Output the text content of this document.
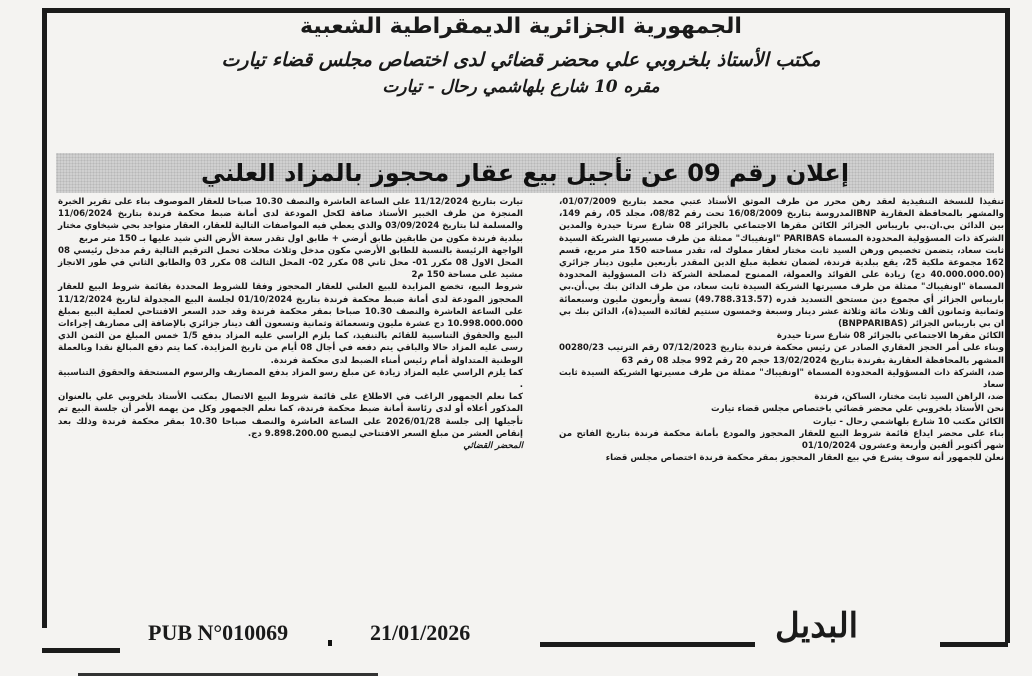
الجمهورية الجزائرية الديمقراطية الشعبية
مكتب الأستاذ بلخروبي علي محضر قضائي لدى اختصاص مجلس قضاء تيارت
مقره 10 شارع بلهاشمي رحال - تيارت
إعلان رقم 09 عن تأجيل بيع عقار محجوز بالمزاد العلني

تنفيذا للنسخة التنفيذية لعقد رهن محرر من طرف الموثق الأستاذ عتبي محمد بتاريخ 01/07/2009، والمشهر بالمحافظة العقارية BNPالمدروسة بتاريخ 16/08/2009 تحت رقم 08/82، مجلد 05، رقم 149، بين الدائن بي.ان.بي باريباس الجزائر الكائن مقرها الاجتماعي بالجزائر 08 شارع سرتا حيدرة والمدين الشركة ذات المسؤولية المحدودة المسماة PARIBAS "اونفيباك" ممثلة من طرف مسيرتها الشريكة السيدة ثابت سعاد، يتضمن تخصيص ورهن السيد ثابت مختار لعقار مملوك له، تقدر مساحته 150 متر مربع، قسم 162 مجموعة ملكية 25، يقع ببلدية فرندة، لضمان تغطية مبلغ الدين المقدر بأربعين مليون دينار جزائري (40.000.000.00 دج) زيادة على الفوائد والعمولة، الممنوح لمصلحة الشركة ذات المسؤولية المحدودة المسماة "اونفيباك" ممثلة من طرف مسيرتها الشريكة السيدة ثابت سعاد، من طرف الدائن بنك بي.أن.بي باريباس الجزائر أي مجموع دين مستحق التسديد قدره (49.788.313.57) تسعة وأربعون مليون وسبعمائة وثمانية وثمانون ألف وثلاث مائة وثلاثة عشر دينار وسبعة وخمسون سنتيم لفائدة السيد(ة)، الدائن بنك بي ان بي باريباس الجزائر (BNPPARIBAS)

الكائن مقرها الاجتماعي بالجزائر 08 شارع سرتا حيدرة

وبناء على أمر الحجز العقاري الصادر عن رئيس محكمة فرندة بتاريخ 07/12/2023 رقم الترتيب 00280/23 المشهر بالمحافظة العقارية بفرندة بتاريخ 13/02/2024 حجم 20 رقم 992 مجلد 08 رقم 63

ضد، الشركة ذات المسؤولية المحدودة المسماة "اونفيباك" ممثلة من طرف مسيرتها الشريكة السيدة ثابت سعاد

ضد، الراهن السيد ثابت مختار، الساكن، فرندة

نحن الأستاذ بلخروبي علي محضر قضائي باختصاص مجلس قضاء تيارت

الكائن مكتب 10 شارع بلهاشمي رحال - تيارت

بناء على محضر ايداع قائمة شروط البيع للعقار المحجوز والمودع بأمانة محكمة فرندة بتاريخ الفاتح من شهر أكتوبر ألفين وأربعة وعشرون 01/10/2024

نعلن للجمهور أنه سوف يشرع في بيع العقار المحجوز بمقر محكمة فرندة اختصاص مجلس قضاء

تيارت بتاريخ 11/12/2024 على الساعة العاشرة والنصف 10.30 صباحا للعقار الموصوف بناء على تقرير الخبرة المنجزة من طرف الخبير الأستاذ صافة لكحل المودعة لدى أمانة ضبط محكمة فرندة بتاريخ 11/06/2024 والمسلمة لنا بتاريخ 03/09/2024 والذي يعطي فيه المواصفات التالية للعقار، العقار متواجد بحي شيخاوي مختار ببلدية فرندة مكون من طابقين طابق أرضي + طابق اول تقدر سعة الأرض التي شيد عليها بـ 150 متر مربع

الواجهة الرئيسة بالنسبة للطابق الأرضي مكون مدخل وثلاث محلات تحمل الترقيم التالية رقم مدخل رئيسي 08 المحل الاول 08 مكرر 01- محل ثاني 08 مكرر 02- المحل الثالث 08 مكرر 03 والطابق الثاني في طور الانجاز مشيد على مساحة 150 م2

شروط البيع، تخضع المزايدة للبيع العلني للعقار المحجوز وفقا للشروط المحددة بقائمة شروط البيع للعقار المحجوز المودعة لدى أمانة ضبط محكمة فرندة بتاريخ 01/10/2024 لجلسة البيع المجدولة لتاريخ 11/12/2024 على الساعة العاشرة والنصف 10.30 صباحا بمقر محكمة فرندة وقد حدد السعر الافتتاحي لعملية البيع بمبلغ 10.998.000.000 دج عشرة مليون وتسعمائة وثمانية وتسعون ألف دينار جزائري بالإضافة إلى مصاريف إجراءات البيع والحقوق التناسبية للقائم بالتنفيذ، كما يلزم الراسي عليه المزاد بدفع 1/5 خمس المبلغ من الثمن الذي رسى عليه المزاد حالا والباقي يتم دفعه في أجال 08 أيام من تاريخ المزايدة. كما يتم دفع المبالغ نقدا وبالعملة الوطنية المتداولة أمام رئيس أمناء الضبط لدى محكمة فرندة.

كما يلزم الراسي عليه المزاد زيادة عن مبلغ رسو المزاد بدفع المصاريف والرسوم المستحقة والحقوق التناسبية .

كما نعلم الجمهور الراغب في الاطلاع على قائمة شروط البيع الاتصال بمكتب الأستاذ بلخروبي علي بالعنوان المذكور أعلاه أو لدى رئاسة أمانة ضبط محكمة فرندة، كما نعلم الجمهور وكل من يهمه الأمر أن جلسة البيع تم تأجيلها إلى جلسة 2026/01/28 على الساعة العاشرة والنصف صباحا 10.30 بمقر محكمة فرندة وذلك بعد إنقاص العشر من مبلغ السعر الافتتاحي ليصبح 9.898.200.00 دج.

المحضر القضائي

PUB N°010069	21/01/2026	البديل
